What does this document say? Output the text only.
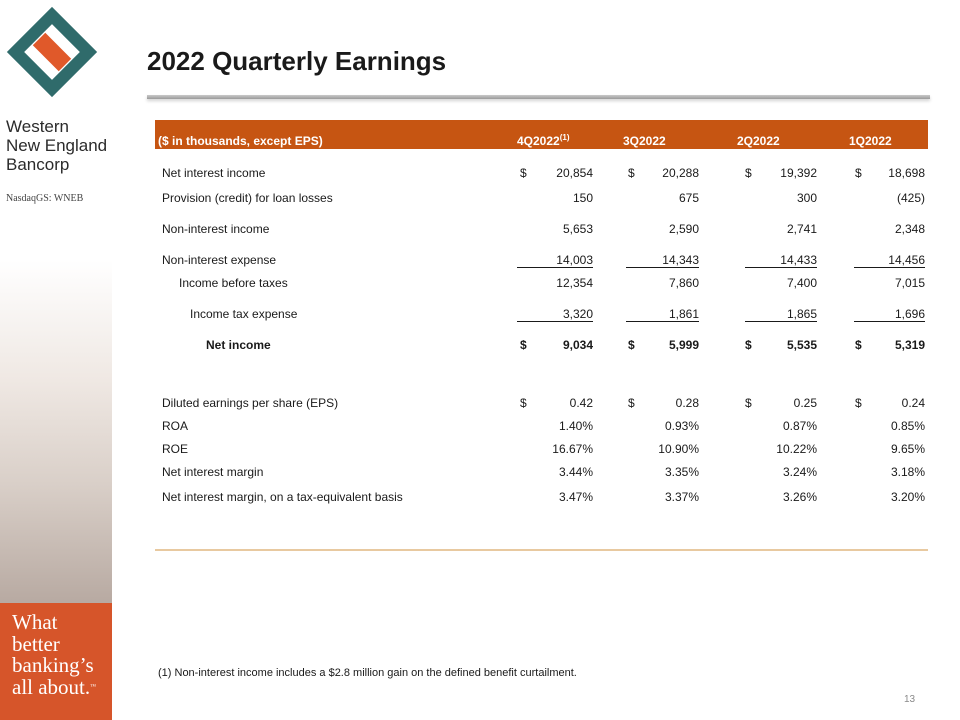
Western
New England
Bancorp
NasdaqGS: WNEB
What
better
banking’s
all about.™
2022 Quarterly Earnings
($ in thousands, except EPS)	4Q2022$^{(1)}$	3Q2022	2Q2022	1Q2022
Net interest income	$ 20,854	$ 20,288	$ 19,392	$ 18,698
Provision (credit) for loan losses	150	675	300	(425)
Non-interest income	5,653	2,590	2,741	2,348
Non-interest expense	14,003	14,343	14,433	14,456
Income before taxes	12,354	7,860	7,400	7,015
Income tax expense	3,320	1,861	1,865	1,696
Net income	$	9,034	$	5,999	$	5,535	$	5,319
Diluted earnings per share (EPS)	$	0.42	$	0.28	$	0.25	$	0.24
ROA	1.40%	0.93%	0.87%	0.85%
ROE	16.67%	10.90%	10.22%	9.65%
Net interest margin	3.44%	3.35%	3.24%	3.18%
Net interest margin, on a tax-equivalent basis	3.47%	3.37%	3.26%	3.20%
(1) Non-interest income includes a $2.8 million gain on the defined benefit curtailment.
13
